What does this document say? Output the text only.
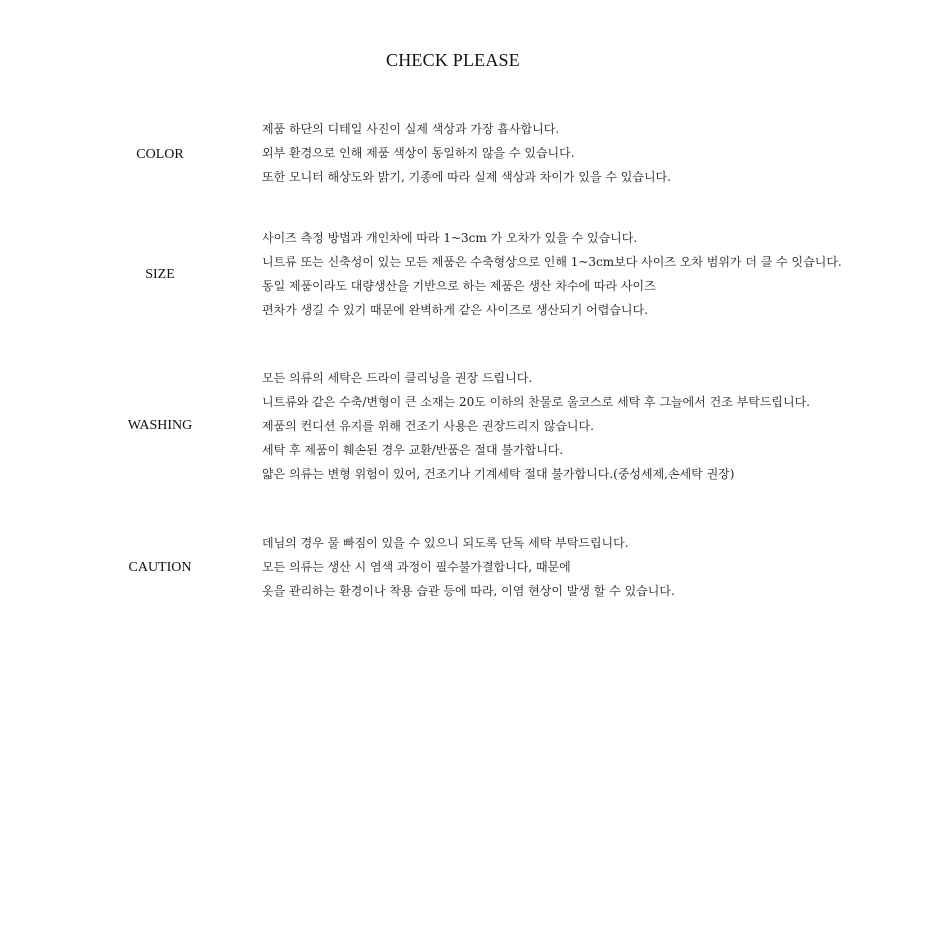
CHECK PLEASE
COLOR
제품 하단의 디테일 사진이 실제 색상과 가장 흡사합니다.
외부 환경으로 인해 제품 색상이 동일하지 않을 수 있습니다.
또한 모니터 해상도와 밝기, 기종에 따라 실제 색상과 차이가 있을 수 있습니다.
SIZE
사이즈 측정 방법과 개인차에 따라 1~3cm 가 오차가 있을 수 있습니다.
니트류 또는 신축성이 있는 모든 제품은 수축형상으로 인해 1~3cm보다 사이즈 오차 범위가 더 클 수 잇습니다.
동일 제품이라도 대량생산을 기반으로 하는 제품은 생산 차수에 따라 사이즈
편차가 생길 수 있기 때문에 완벽하게 같은 사이즈로 생산되기 어렵습니다.
WASHING
모든 의류의 세탁은 드라이 클리닝을 권장 드립니다.
니트류와 같은 수축/변형이 큰 소재는 20도 이하의 찬물로 울코스로 세탁 후 그늘에서 건조 부탁드립니다.
제품의 컨디션 유지를 위해 건조기 사용은 권장드리지 않습니다.
세탁 후 제품이 훼손된 경우 교환/반품은 절대 불가합니다.
얇은 의류는 변형 위험이 있어, 건조기나 기계세탁 절대 불가합니다.(중성세제,손세탁 권장)
CAUTION
데님의 경우 물 빠짐이 있을 수 있으니 되도록 단독 세탁 부탁드립니다.
모든 의류는 생산 시 염색 과정이 필수불가결합니다, 때문에
옷을 관리하는 환경이나 착용 습관 등에 따라, 이염 현상이 발생 할 수 있습니다.
